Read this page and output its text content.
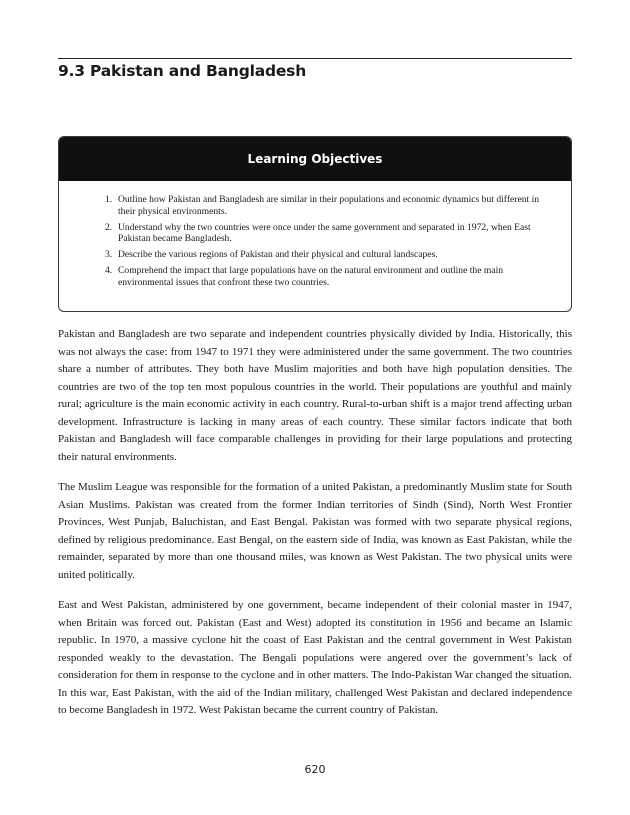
9.3 Pakistan and Bangladesh
Learning Objectives
1. Outline how Pakistan and Bangladesh are similar in their populations and economic dynamics but different in their physical environments.
2. Understand why the two countries were once under the same government and separated in 1972, when East Pakistan became Bangladesh.
3. Describe the various regions of Pakistan and their physical and cultural landscapes.
4. Comprehend the impact that large populations have on the natural environment and outline the main environmental issues that confront these two countries.

Pakistan and Bangladesh are two separate and independent countries physically divided by India. Historically, this was not always the case: from 1947 to 1971 they were administered under the same government. The two countries share a number of attributes. They both have Muslim majorities and both have high population densities. The countries are two of the top ten most populous countries in the world. Their populations are youthful and mainly rural; agriculture is the main economic activity in each country. Rural-to-urban shift is a major trend affecting urban development. Infrastructure is lacking in many areas of each country. These similar factors indicate that both Pakistan and Bangladesh will face comparable challenges in providing for their large populations and protecting their natural environments.

The Muslim League was responsible for the formation of a united Pakistan, a predominantly Muslim state for South Asian Muslims. Pakistan was created from the former Indian territories of Sindh (Sind), North West Frontier Provinces, West Punjab, Baluchistan, and East Bengal. Pakistan was formed with two separate physical regions, defined by religious predominance. East Bengal, on the eastern side of India, was known as East Pakistan, while the remainder, separated by more than one thousand miles, was known as West Pakistan. The two physical units were united politically.

East and West Pakistan, administered by one government, became independent of their colonial master in 1947, when Britain was forced out. Pakistan (East and West) adopted its constitution in 1956 and became an Islamic republic. In 1970, a massive cyclone hit the coast of East Pakistan and the central government in West Pakistan responded weakly to the devastation. The Bengali populations were angered over the government’s lack of consideration for them in response to the cyclone and in other matters. The Indo-Pakistan War changed the situation. In this war, East Pakistan, with the aid of the Indian military, challenged West Pakistan and declared independence to become Bangladesh in 1972. West Pakistan became the current country of Pakistan.

620
